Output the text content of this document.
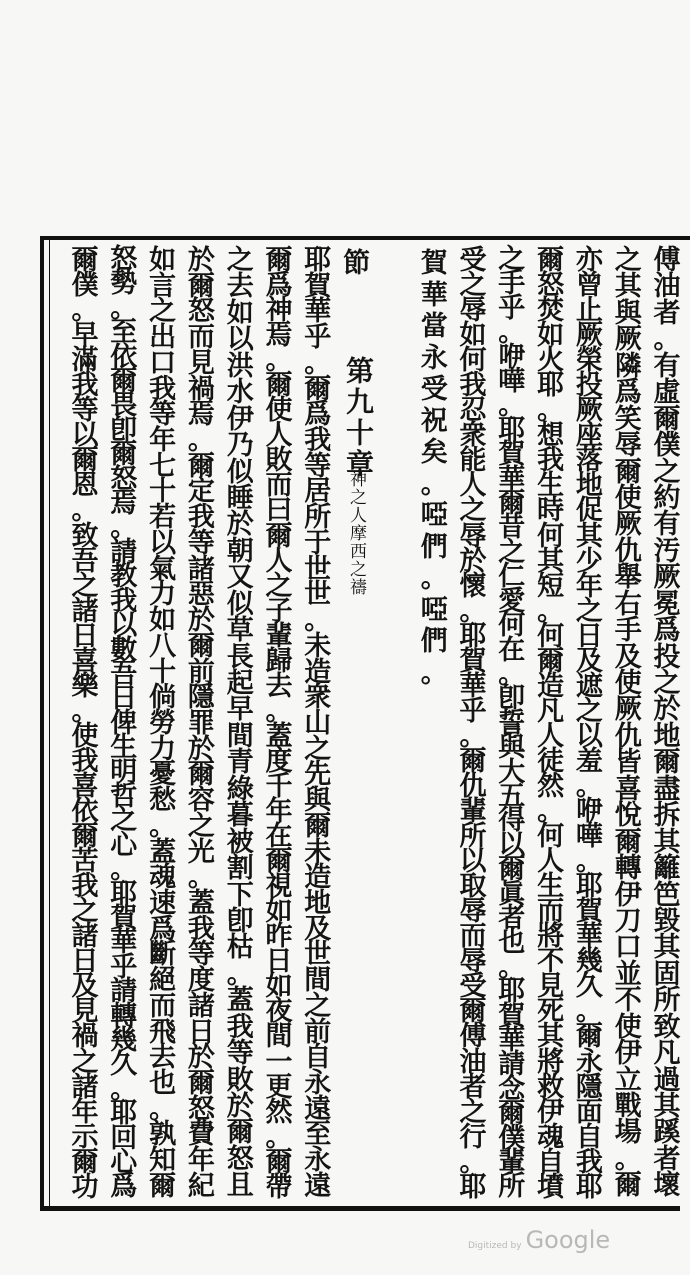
傅
油
者
。
有
虛
爾
僕
之
約
有
汚
厥
冕
爲
投
之
於
地
爾
盡
拆
其
籬
笆
毀
其
固
所
致
凡
過
其
蹊
者
壞
之
其
與
厥
隣
爲
笑
辱
爾
使
厥
仇
舉
右
手
及
使
厥
仇
皆
喜
悅
爾
轉
伊
刀
口
並
不
使
伊
立
戰
場
。
爾
亦
曾
止
厥
榮
投
厥
座
落
地
促
其
少
年
之
日
及
遮
之
以
羞
。
咿
嘩
。
耶
賀
華
幾
久
。
爾
永
隱
面
自
我
耶
爾
怒
焚
如
火
耶
。
想
我
生
時
何
其
短
。
何
爾
造
凡
人
徒
然
。
何
人
生
而
將
不
見
死
其
將
救
伊
魂
自
墳
之
手
乎
。
咿
嘩
。
耶
賀
華
爾
昔
之
仁
愛
何
在
。
卽
誓
與
大
五
得
以
爾
眞
者
也
。
耶
賀
華
請
念
爾
僕
輩
所
受
之
辱
如
何
我
忍
衆
能
人
之
辱
於
懷
。
耶
賀
華
乎
。
爾
仇
輩
所
以
取
辱
而
辱
受
爾
傅
油
者
之
行
。
耶
賀
華
當
永
受
祝
矣
。
啞
們
。
啞
們
。
節
耶
賀
華
乎
。
爾
爲
我
等
居
所
于
世
世
。
未
造
衆
山
之
先
與
爾
未
造
地
及
世
間
之
前
自
永
遠
至
永
遠
爾
爲
神
焉
。
爾
使
人
敗
而
曰
爾
人
之
子
輩
歸
去
。
蓋
度
千
年
在
爾
視
如
昨
日
如
夜
間
一
更
然
。
爾
帶
之
去
如
以
洪
水
伊
乃
似
睡
於
朝
又
似
草
長
起
早
間
青
綠
暮
被
割
下
卽
枯
。
蓋
我
等
敗
於
爾
怒
且
於
爾
怒
而
見
禍
焉
。
爾
定
我
等
諸
惡
於
爾
前
隱
罪
於
爾
容
之
光
。
蓋
我
等
度
諸
日
於
爾
怒
費
年
紀
如
言
之
出
口
我
等
年
七
十
若
以
氣
力
如
八
十
倘
勞
力
憂
愁
。
蓋
魂
速
爲
斷
絕
而
飛
去
也
。
孰
知
爾
怒
勢
。
至
依
爾
畏
卽
爾
怒
焉
。
請
教
我
以
數
吾
日
俾
生
明
哲
之
心
。
耶
賀
華
乎
請
轉
幾
久
。
耶
回
心
爲
爾
僕
。
早
滿
我
等
以
爾
恩
。
致
吾
之
諸
日
喜
樂
。
使
我
喜
依
爾
苦
我
之
諸
日
及
見
禍
之
諸
年
示
爾
功
第九十章
神之人摩西之禱
Digitized by Google
